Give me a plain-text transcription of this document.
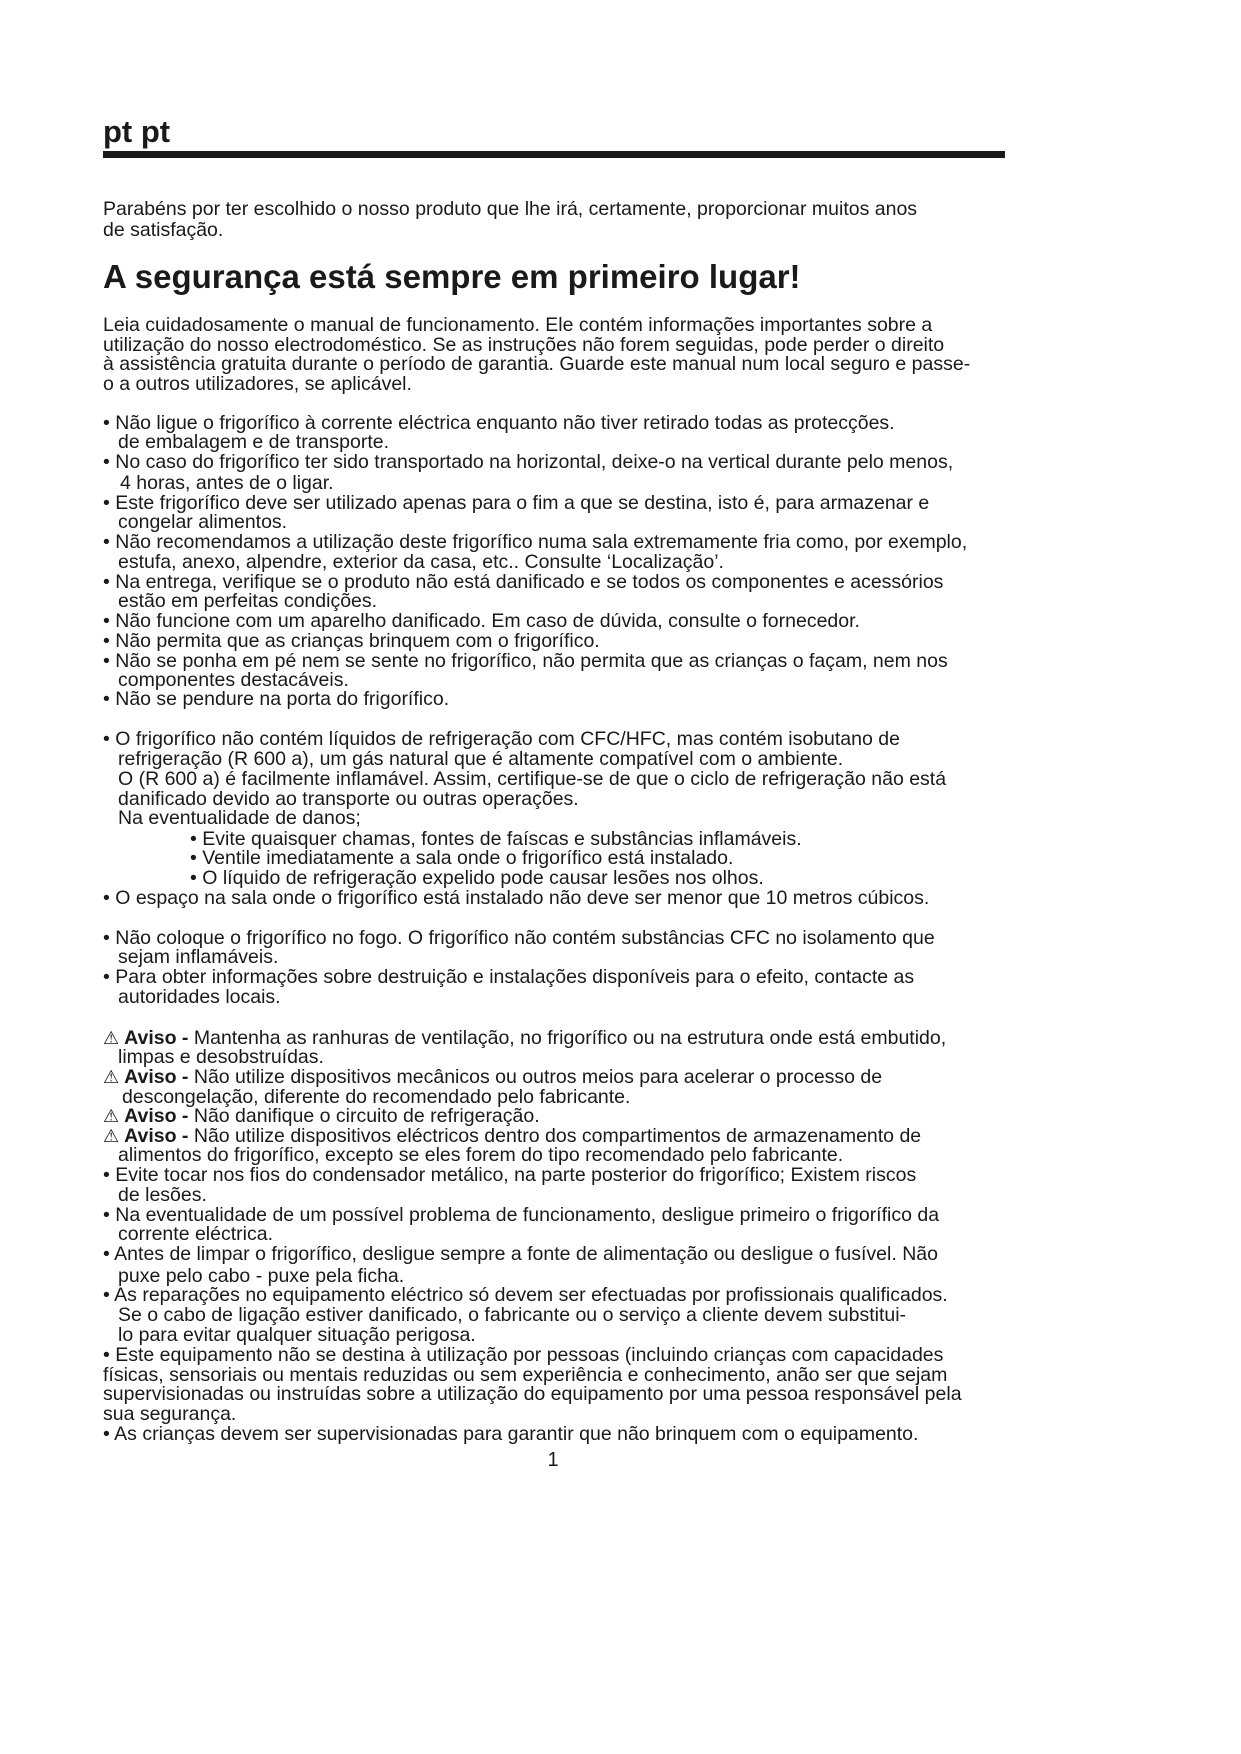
pt pt
Parabéns por ter escolhido o nosso produto que lhe irá, certamente, proporcionar muitos anos
de satisfação.
A segurança está sempre em primeiro lugar!
Leia cuidadosamente o manual de funcionamento. Ele contém informações importantes sobre a
utilização do nosso electrodoméstico. Se as instruções não forem seguidas, pode perder o direito
à assistência gratuita durante o período de garantia. Guarde este manual num local seguro e passe-
o a outros utilizadores, se aplicável.
• Não ligue o frigorífico à corrente eléctrica enquanto não tiver retirado todas as protecções.
de embalagem e de transporte.
• No caso do frigorífico ter sido transportado na horizontal, deixe-o na vertical durante pelo menos,
4 horas, antes de o ligar.
• Este frigorífico deve ser utilizado apenas para o fim a que se destina, isto é, para armazenar e
congelar alimentos.
• Não recomendamos a utilização deste frigorífico numa sala extremamente fria como, por exemplo,
estufa, anexo, alpendre, exterior da casa, etc.. Consulte ‘Localização’.
• Na entrega, verifique se o produto não está danificado e se todos os componentes e acessórios
estão em perfeitas condições.
• Não funcione com um aparelho danificado. Em caso de dúvida, consulte o fornecedor.
• Não permita que as crianças brinquem com o frigorífico.
• Não se ponha em pé nem se sente no frigorífico, não permita que as crianças o façam, nem nos
componentes destacáveis.
• Não se pendure na porta do frigorífico.
• O frigorífico não contém líquidos de refrigeração com CFC/HFC, mas contém isobutano de
refrigeração (R 600 a), um gás natural que é altamente compatível com o ambiente.
O (R 600 a) é facilmente inflamável. Assim, certifique-se de que o ciclo de refrigeração não está
danificado devido ao transporte ou outras operações.
Na eventualidade de danos;
• Evite quaisquer chamas, fontes de faíscas e substâncias inflamáveis.
• Ventile imediatamente a sala onde o frigorífico está instalado.
• O líquido de refrigeração expelido pode causar lesões nos olhos.
• O espaço na sala onde o frigorífico está instalado não deve ser menor que 10 metros cúbicos.
• Não coloque o frigorífico no fogo. O frigorífico não contém substâncias CFC no isolamento que
sejam inflamáveis.
• Para obter informações sobre destruição e instalações disponíveis para o efeito, contacte as
autoridades locais.
⚠︎ Aviso - Mantenha as ranhuras de ventilação, no frigorífico ou na estrutura onde está embutido,
limpas e desobstruídas.
⚠︎ Aviso - Não utilize dispositivos mecânicos ou outros meios para acelerar o processo de
descongelação, diferente do recomendado pelo fabricante.
⚠︎ Aviso - Não danifique o circuito de refrigeração.
⚠︎ Aviso - Não utilize dispositivos eléctricos dentro dos compartimentos de armazenamento de
alimentos do frigorífico, excepto se eles forem do tipo recomendado pelo fabricante.
• Evite tocar nos fios do condensador metálico, na parte posterior do frigorífico; Existem riscos
de lesões.
• Na eventualidade de um possível problema de funcionamento, desligue primeiro o frigorífico da
corrente eléctrica.
• Antes de limpar o frigorífico, desligue sempre a fonte de alimentação ou desligue o fusível. Não
puxe pelo cabo - puxe pela ficha.
• As reparações no equipamento eléctrico só devem ser efectuadas por profissionais qualificados.
Se o cabo de ligação estiver danificado, o fabricante ou o serviço a cliente devem substitui-
lo para evitar qualquer situação perigosa.
• Este equipamento não se destina à utilização por pessoas (incluindo crianças com capacidades
físicas, sensoriais ou mentais reduzidas ou sem experiência e conhecimento, anão ser que sejam
supervisionadas ou instruídas sobre a utilização do equipamento por uma pessoa responsável pela
sua segurança.
• As crianças devem ser supervisionadas para garantir que não brinquem com o equipamento.
1
